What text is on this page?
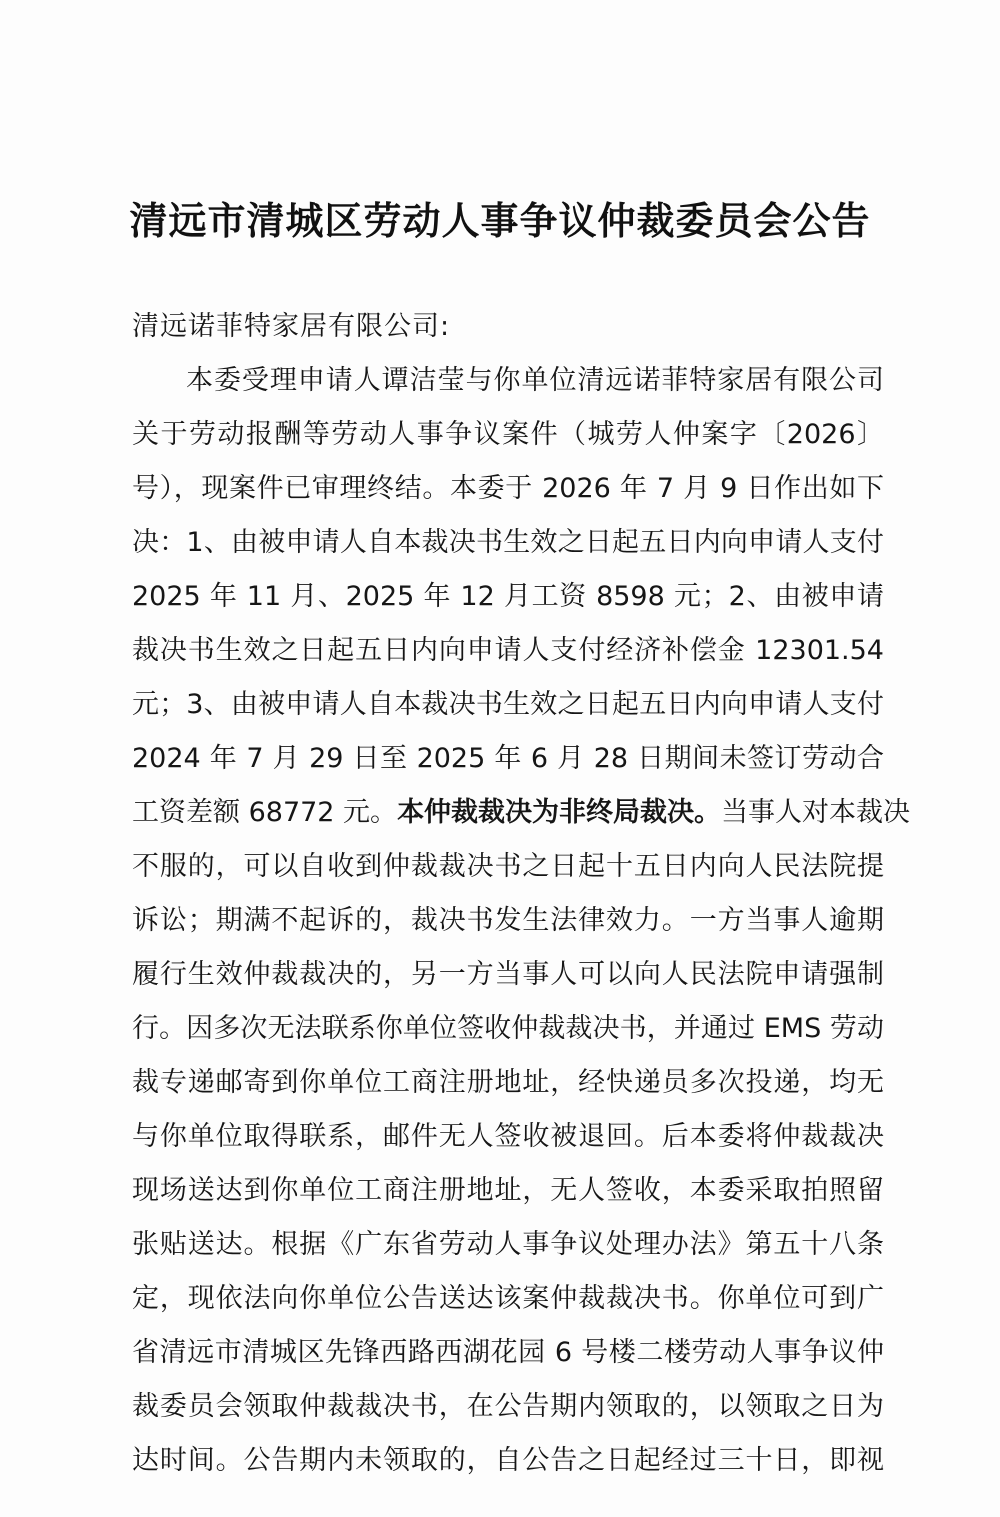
清远市清城区劳动人事争议仲裁委员会公告
清远诺菲特家居有限公司:
本委受理申请人谭洁莹与你单位清远诺菲特家居有限公司
关于劳动报酬等劳动人事争议案件（城劳人仲案字〔2026〕
号），现案件已审理终结。本委于 2026 年 7 月 9 日作出如下
决：1、由被申请人自本裁决书生效之日起五日内向申请人支付
2025 年 11 月、2025 年 12 月工资 8598 元；2、由被申请
裁决书生效之日起五日内向申请人支付经济补偿金 12301.54
元；3、由被申请人自本裁决书生效之日起五日内向申请人支付
2024 年 7 月 29 日至 2025 年 6 月 28 日期间未签订劳动合
工资差额 68772 元。本仲裁裁决为非终局裁决。当事人对本裁决
不服的，可以自收到仲裁裁决书之日起十五日内向人民法院提
诉讼；期满不起诉的，裁决书发生法律效力。一方当事人逾期
履行生效仲裁裁决的，另一方当事人可以向人民法院申请强制
行。因多次无法联系你单位签收仲裁裁决书，并通过 EMS 劳动
裁专递邮寄到你单位工商注册地址，经快递员多次投递，均无
与你单位取得联系，邮件无人签收被退回。后本委将仲裁裁决
现场送达到你单位工商注册地址，无人签收，本委采取拍照留
张贴送达。根据《广东省劳动人事争议处理办法》第五十八条
定，现依法向你单位公告送达该案仲裁裁决书。你单位可到广
省清远市清城区先锋西路西湖花园 6 号楼二楼劳动人事争议仲
裁委员会领取仲裁裁决书，在公告期内领取的，以领取之日为
达时间。公告期内未领取的，自公告之日起经过三十日，即视
